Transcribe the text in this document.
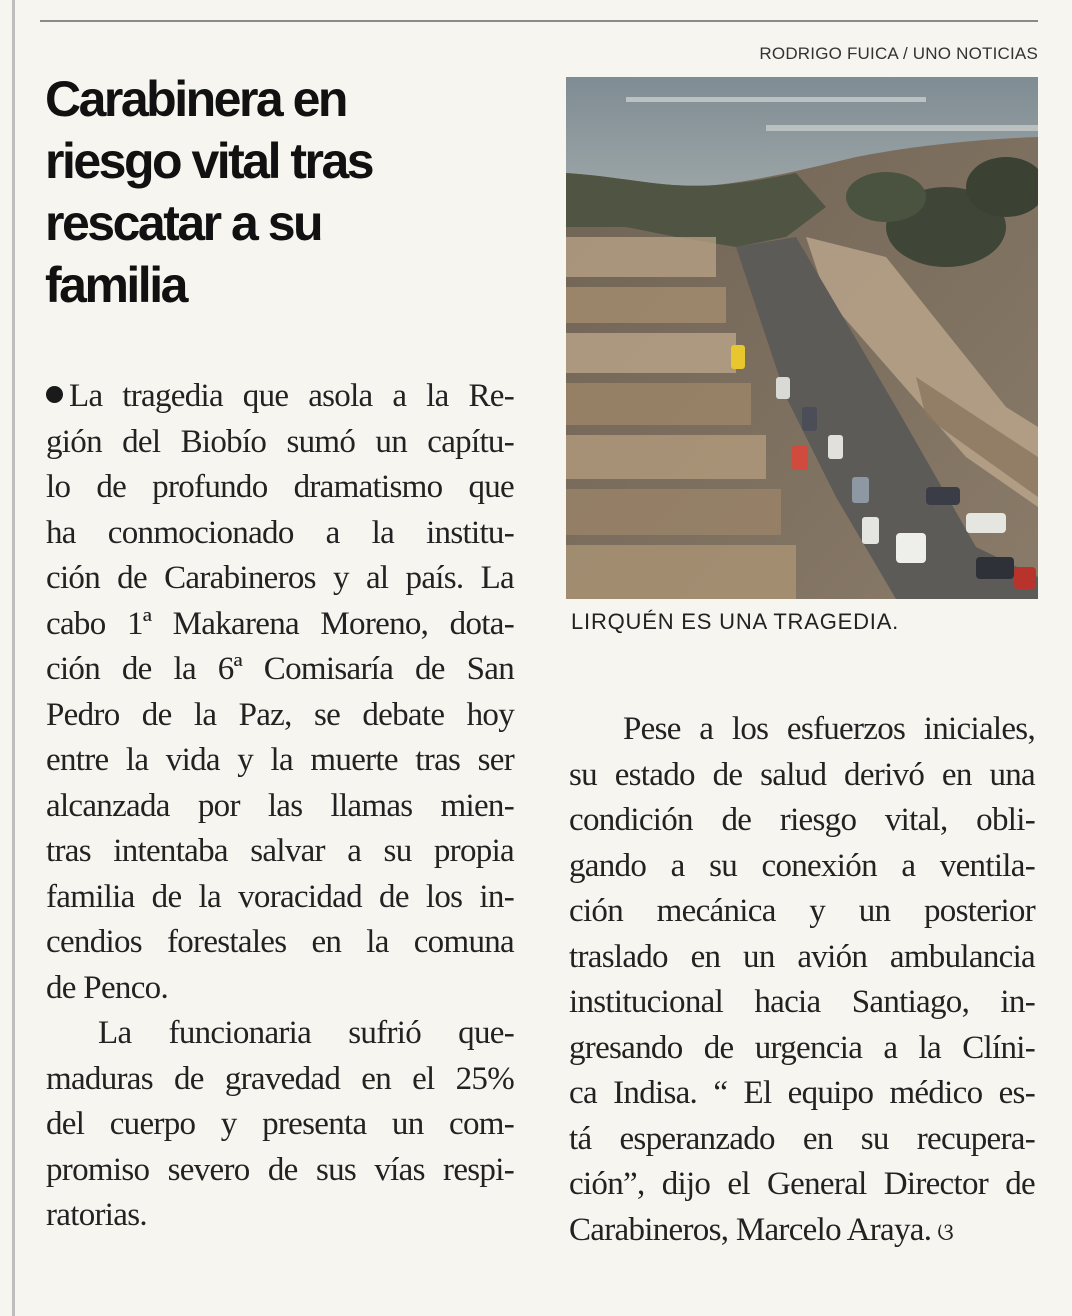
Carabinera en
riesgo vital tras
rescatar a su
familia
La tragedia que asola a la Re-
gión del Biobío sumó un capítu-
lo de profundo dramatismo que
ha conmocionado a la institu-
ción de Carabineros y al país. La
cabo 1ª Makarena Moreno, dota-
ción de la 6ª Comisaría de San
Pedro de la Paz, se debate hoy
entre la vida y la muerte tras ser
alcanzada por las llamas mien-
tras intentaba salvar a su propia
familia de la voracidad de los in-
cendios forestales en la comuna
de Penco.
La funcionaria sufrió que-
maduras de gravedad en el 25%
del cuerpo y presenta un com-
promiso severo de sus vías respi-
ratorias.

RODRIGO FUICA / UNO NOTICIAS

LIRQUÉN ES UNA TRAGEDIA.

Pese a los esfuerzos iniciales,
su estado de salud derivó en una
condición de riesgo vital, obli-
gando a su conexión a ventila-
ción mecánica y un posterior
traslado en un avión ambulancia
institucional hacia Santiago, in-
gresando de urgencia a la Clíni-
ca Indisa. “ El equipo médico es-
tá esperanzado en su recupera-
ción”, dijo el General Director de
Carabineros, Marcelo Araya. ଓ
